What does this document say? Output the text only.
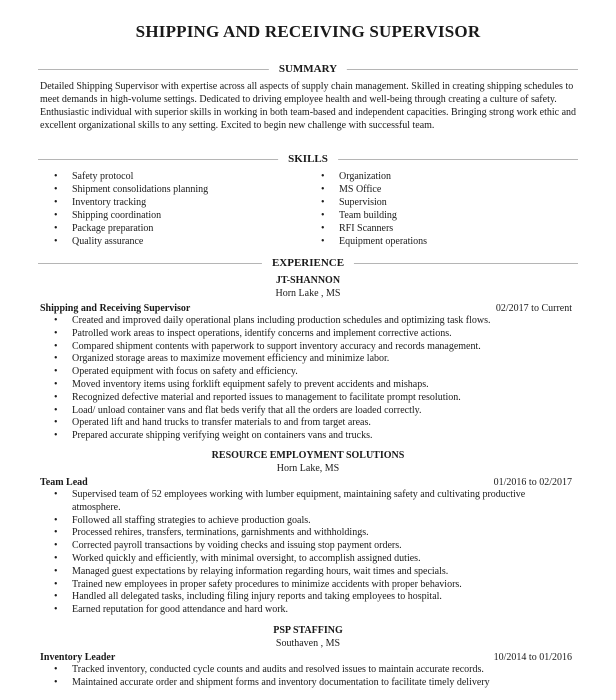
SHIPPING AND RECEIVING SUPERVISOR
SUMMARY
Detailed Shipping Supervisor with expertise across all aspects of supply chain management. Skilled in creating shipping schedules to meet demands in high-volume settings. Dedicated to driving employee health and well-being through creating a culture of safety. Enthusiastic individual with superior skills in working in both team-based and independent capacities. Bringing strong work ethic and excellent organizational skills to any setting. Excited to begin new challenge with successful team.
SKILLS
• Safety protocol
• Shipment consolidations planning
• Inventory tracking
• Shipping coordination
• Package preparation
• Quality assurance
• Organization
• MS Office
• Supervision
• Team building
• RFI Scanners
• Equipment operations
EXPERIENCE
JT-SHANNON
Horn Lake , MS
Shipping and Receiving Supervisor	02/2017 to Current
• Created and improved daily operational plans including production schedules and optimizing task flows.
• Patrolled work areas to inspect operations, identify concerns and implement corrective actions.
• Compared shipment contents with paperwork to support inventory accuracy and records management.
• Organized storage areas to maximize movement efficiency and minimize labor.
• Operated equipment with focus on safety and efficiency.
• Moved inventory items using forklift equipment safely to prevent accidents and mishaps.
• Recognized defective material and reported issues to management to facilitate prompt resolution.
• Load/ unload container vans and flat beds verify that all the orders are loaded correctly.
• Operated lift and hand trucks to transfer materials to and from target areas.
• Prepared accurate shipping verifying weight on containers vans and trucks.
RESOURCE EMPLOYMENT SOLUTIONS
Horn Lake, MS
Team Lead	01/2016 to 02/2017
• Supervised team of 52 employees working with lumber equipment, maintaining safety and cultivating productive atmosphere.
• Followed all staffing strategies to achieve production goals.
• Processed rehires, transfers, terminations, garnishments and withholdings.
• Corrected payroll transactions by voiding checks and issuing stop payment orders.
• Worked quickly and efficiently, with minimal oversight, to accomplish assigned duties.
• Managed guest expectations by relaying information regarding hours, wait times and specials.
• Trained new employees in proper safety procedures to minimize accidents with proper behaviors.
• Handled all delegated tasks, including filing injury reports and taking employees to hospital.
• Earned reputation for good attendance and hard work.
PSP STAFFING
Southaven , MS
Inventory Leader	10/2014 to 01/2016
• Tracked inventory, conducted cycle counts and audits and resolved issues to maintain accurate records.
• Maintained accurate order and shipment forms and inventory documentation to facilitate timely delivery
